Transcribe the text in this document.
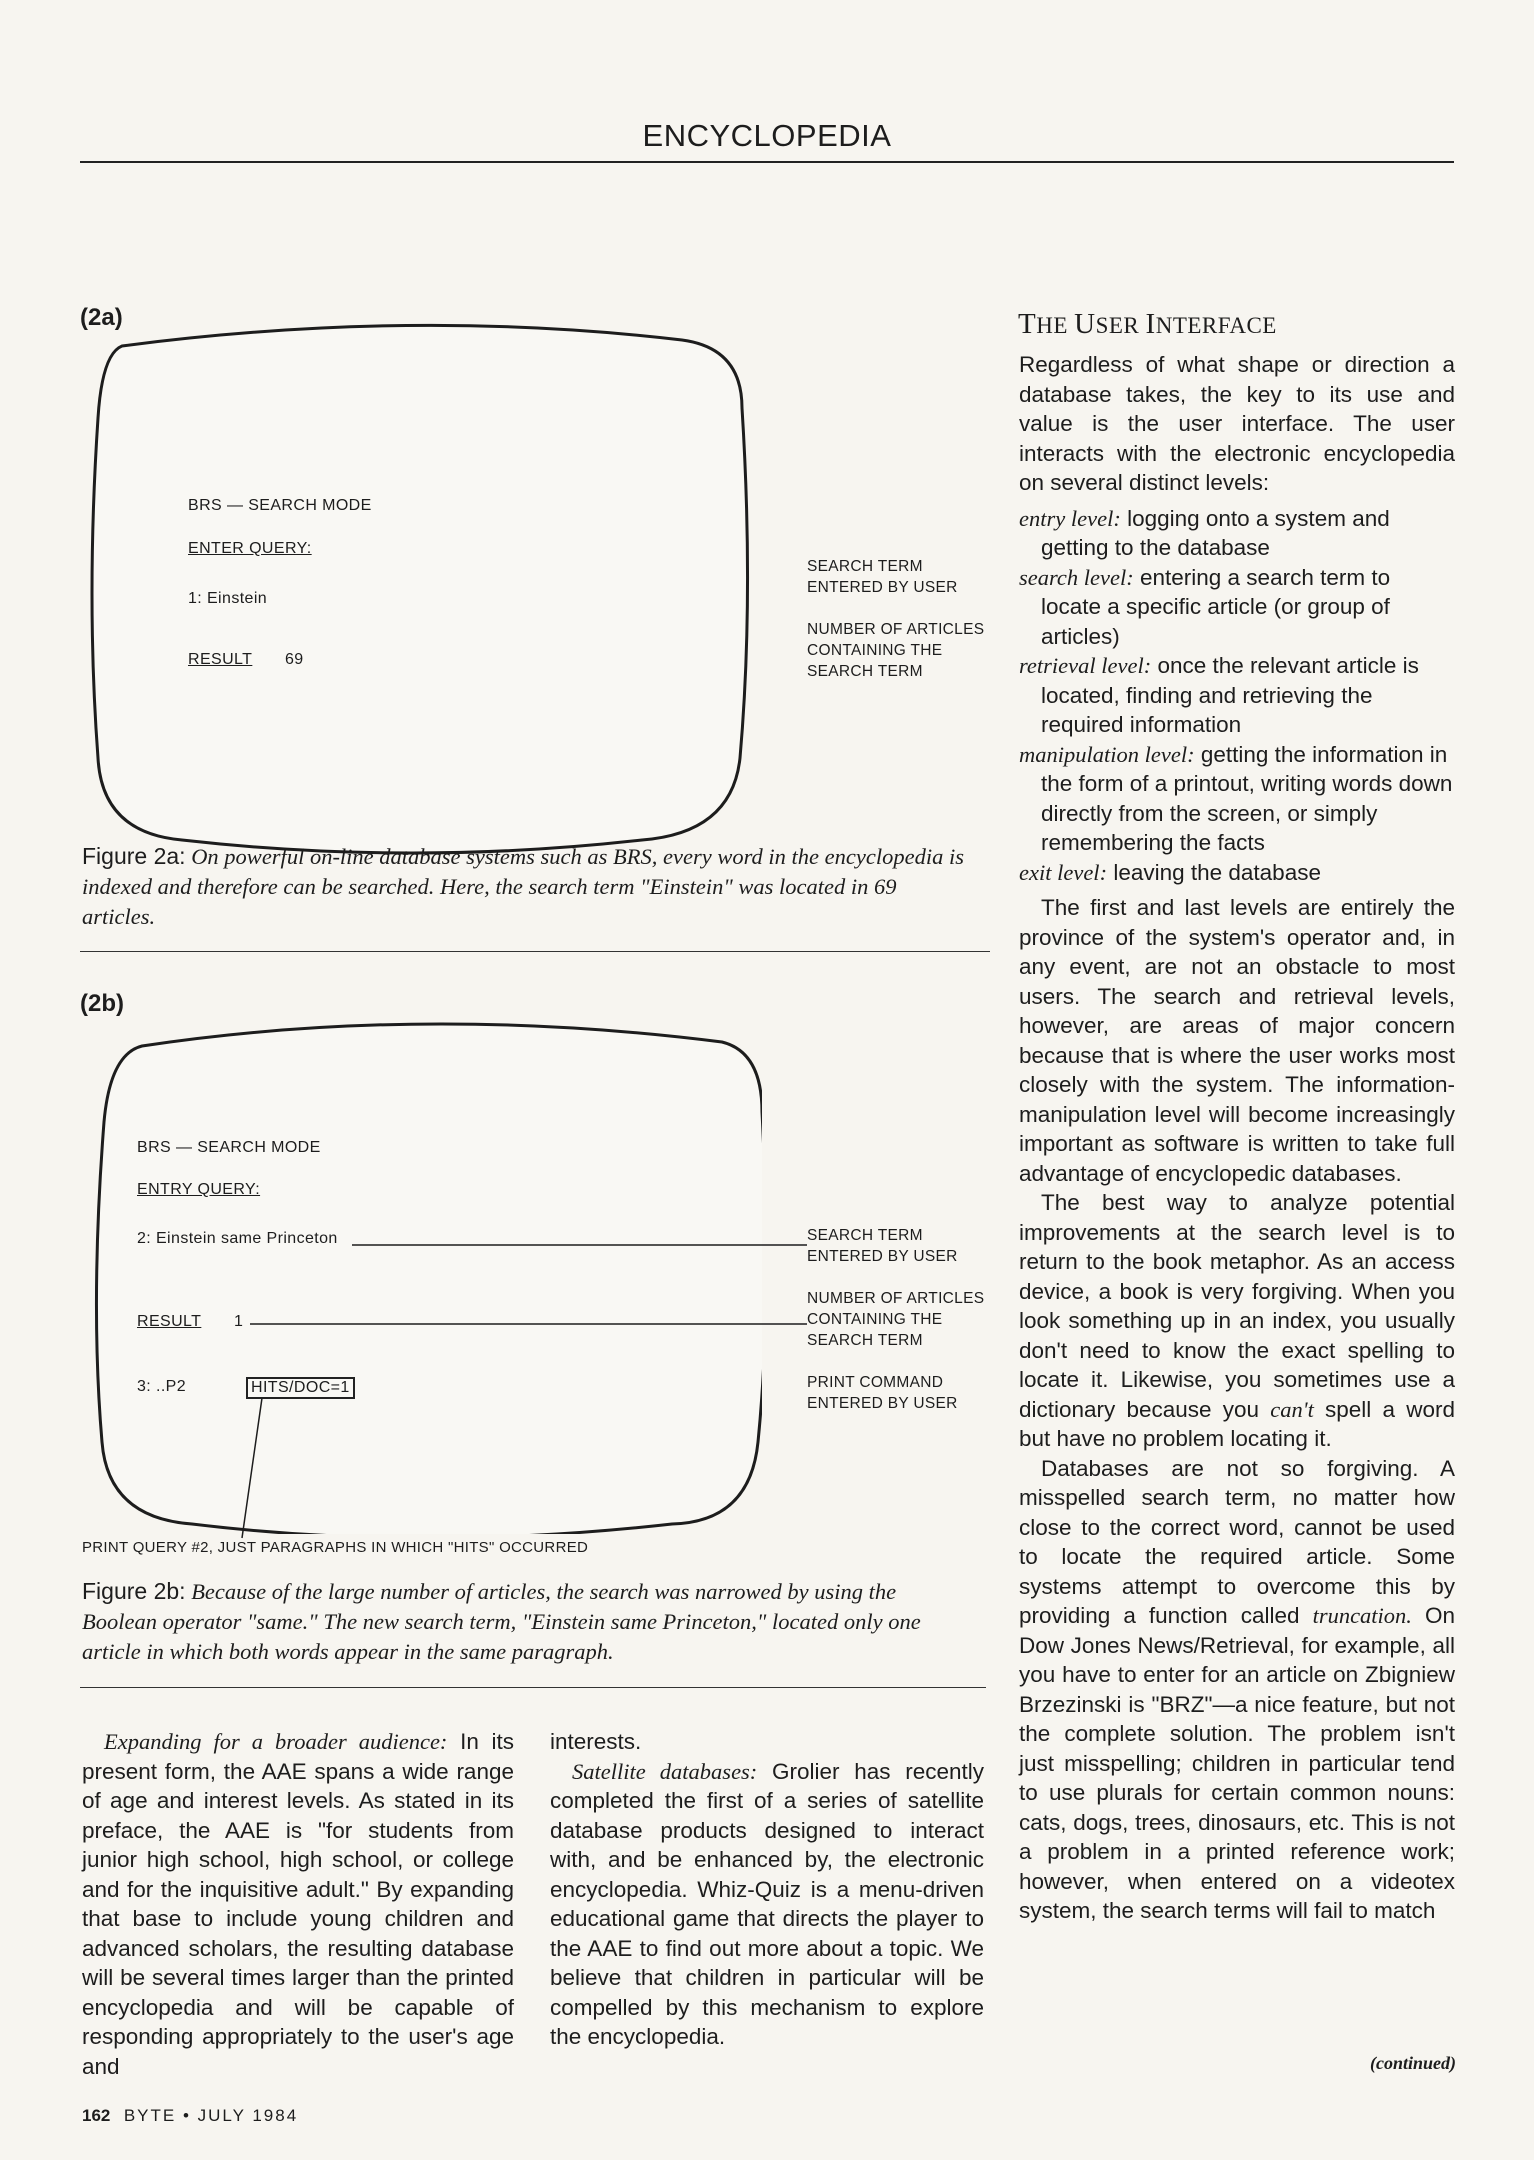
ENCYCLOPEDIA
(2a)
BRS — SEARCH MODE
ENTER QUERY:
1: Einstein
RESULT 69
SEARCH TERM
ENTERED BY USER
NUMBER OF ARTICLES
CONTAINING THE
SEARCH TERM
Figure 2a: On powerful on-line database systems such as BRS, every word in the encyclopedia is indexed and therefore can be searched. Here, the search term "Einstein" was located in 69 articles.
(2b)
BRS — SEARCH MODE
ENTRY QUERY:
2: Einstein same Princeton
RESULT 1
3: ..P2	HITS/DOC=1
SEARCH TERM
ENTERED BY USER
NUMBER OF ARTICLES
CONTAINING THE
SEARCH TERM
PRINT COMMAND
ENTERED BY USER
PRINT QUERY #2, JUST PARAGRAPHS IN WHICH "HITS" OCCURRED
Figure 2b: Because of the large number of articles, the search was narrowed by using the Boolean operator "same." The new search term, "Einstein same Princeton," located only one article in which both words appear in the same paragraph.

Expanding for a broader audience: In its present form, the AAE spans a wide range of age and interest levels. As stated in its preface, the AAE is "for students from junior high school, high school, or college and for the inquisitive adult." By expanding that base to include young children and advanced scholars, the resulting database will be several times larger than the printed encyclopedia and will be capable of responding appropriately to the user's age and

interests.

Satellite databases: Grolier has recently completed the first of a series of satellite database products designed to interact with, and be enhanced by, the electronic encyclopedia. Whiz-Quiz is a menu-driven educational game that directs the player to the AAE to find out more about a topic. We believe that children in particular will be compelled by this mechanism to explore the encyclopedia.

THE USER INTERFACE

Regardless of what shape or direction a database takes, the key to its use and value is the user interface. The user interacts with the electronic encyclopedia on several distinct levels:

entry level: logging onto a system and getting to the database

search level: entering a search term to locate a specific article (or group of articles)

retrieval level: once the relevant article is located, finding and retrieving the required information

manipulation level: getting the information in the form of a printout, writing words down directly from the screen, or simply remembering the facts

exit level: leaving the database

The first and last levels are entirely the province of the system's operator and, in any event, are not an obstacle to most users. The search and retrieval levels, however, are areas of major concern because that is where the user works most closely with the system. The information-manipulation level will become increasingly important as software is written to take full advantage of encyclopedic databases.

The best way to analyze potential improvements at the search level is to return to the book metaphor. As an access device, a book is very forgiving. When you look something up in an index, you usually don't need to know the exact spelling to locate it. Likewise, you sometimes use a dictionary because you can't spell a word but have no problem locating it.

Databases are not so forgiving. A misspelled search term, no matter how close to the correct word, cannot be used to locate the required article. Some systems attempt to overcome this by providing a function called truncation. On Dow Jones News/Retrieval, for example, all you have to enter for an article on Zbigniew Brzezinski is "BRZ"—a nice feature, but not the complete solution. The problem isn't just misspelling; children in particular tend to use plurals for certain common nouns: cats, dogs, trees, dinosaurs, etc. This is not a problem in a printed reference work; however, when entered on a videotex system, the search terms will fail to match

(continued)
162 BYTE • JULY 1984
